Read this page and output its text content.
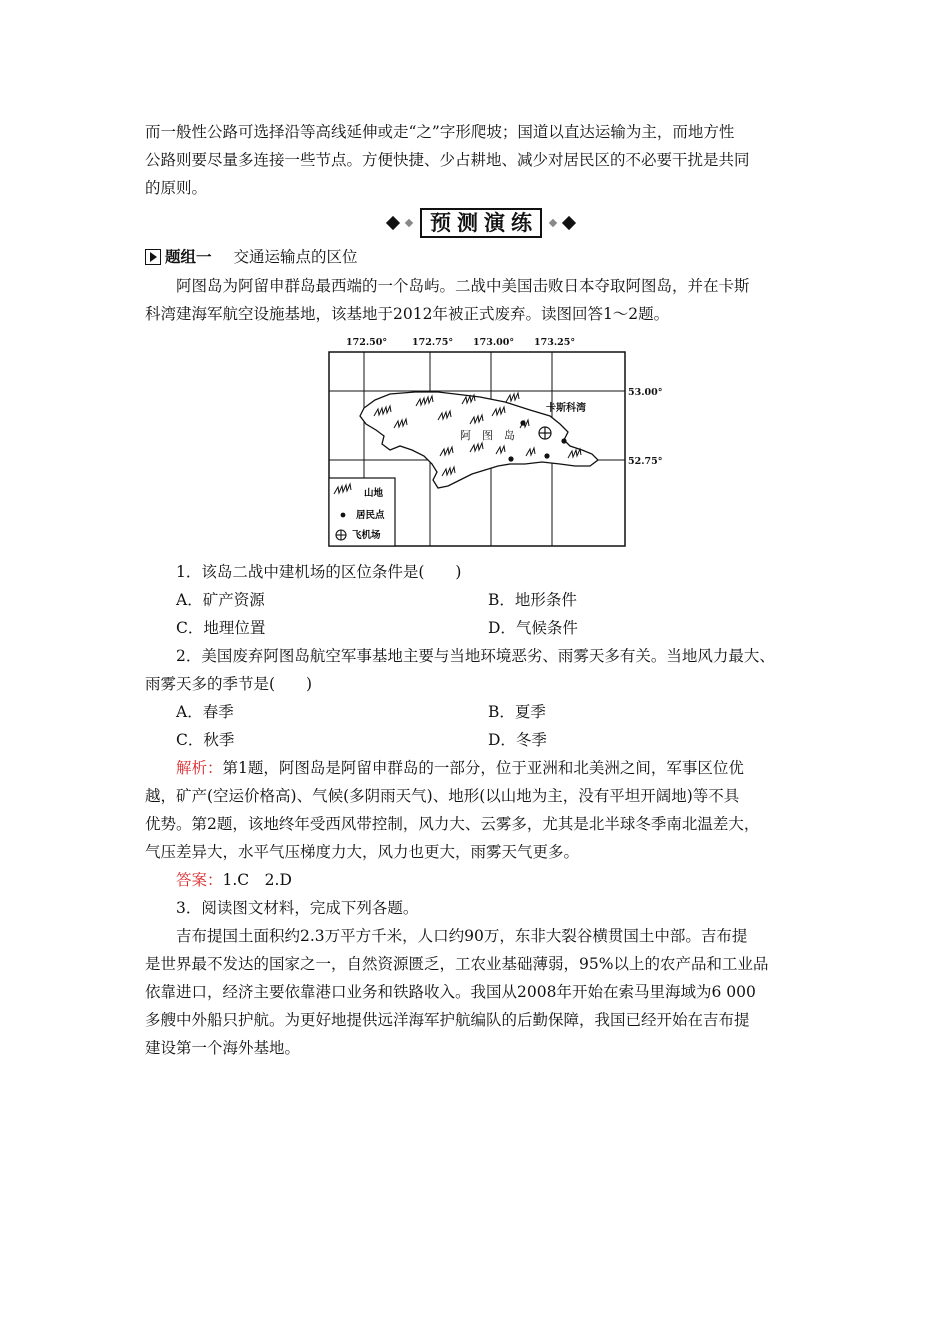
而一般性公路可选择沿等高线延伸或走“之”字形爬坡；国道以直达运输为主，而地方性

公路则要尽量多连接一些节点。方便快捷、少占耕地、减少对居民区的不必要干扰是共同

的原则。

预测演练
题组一 交通运输点的区位

阿图岛为阿留申群岛最西端的一个岛屿。二战中美国击败日本夺取阿图岛，并在卡斯

科湾建海军航空设施基地，该基地于2012年被正式废弃。读图回答1～2题。

172.50°	172.75° 173.00° 173.25°
53.00°
52.75°
阿 图 岛
卡斯科湾
山地
居民点
飞机场

1．该岛二战中建机场的区位条件是(　　)

A．矿产资源	B．地形条件
C．地理位置	D．气候条件

2．美国废弃阿图岛航空军事基地主要与当地环境恶劣、雨雾天多有关。当地风力最大、

雨雾天多的季节是(　　)

A．春季	B．夏季
C．秋季	D．冬季

解析：第1题，阿图岛是阿留申群岛的一部分，位于亚洲和北美洲之间，军事区位优

越，矿产(空运价格高)、气候(多阴雨天气)、地形(以山地为主，没有平坦开阔地)等不具

优势。第2题，该地终年受西风带控制，风力大、云雾多，尤其是北半球冬季南北温差大，

气压差异大，水平气压梯度力大，风力也更大，雨雾天气更多。

答案：1.C　2.D

3．阅读图文材料，完成下列各题。

吉布提国土面积约2.3万平方千米，人口约90万，东非大裂谷横贯国土中部。吉布提

是世界最不发达的国家之一，自然资源匮乏，工农业基础薄弱，95%以上的农产品和工业品

依靠进口，经济主要依靠港口业务和铁路收入。我国从2008年开始在索马里海域为6 000

多艘中外船只护航。为更好地提供远洋海军护航编队的后勤保障，我国已经开始在吉布提

建设第一个海外基地。
